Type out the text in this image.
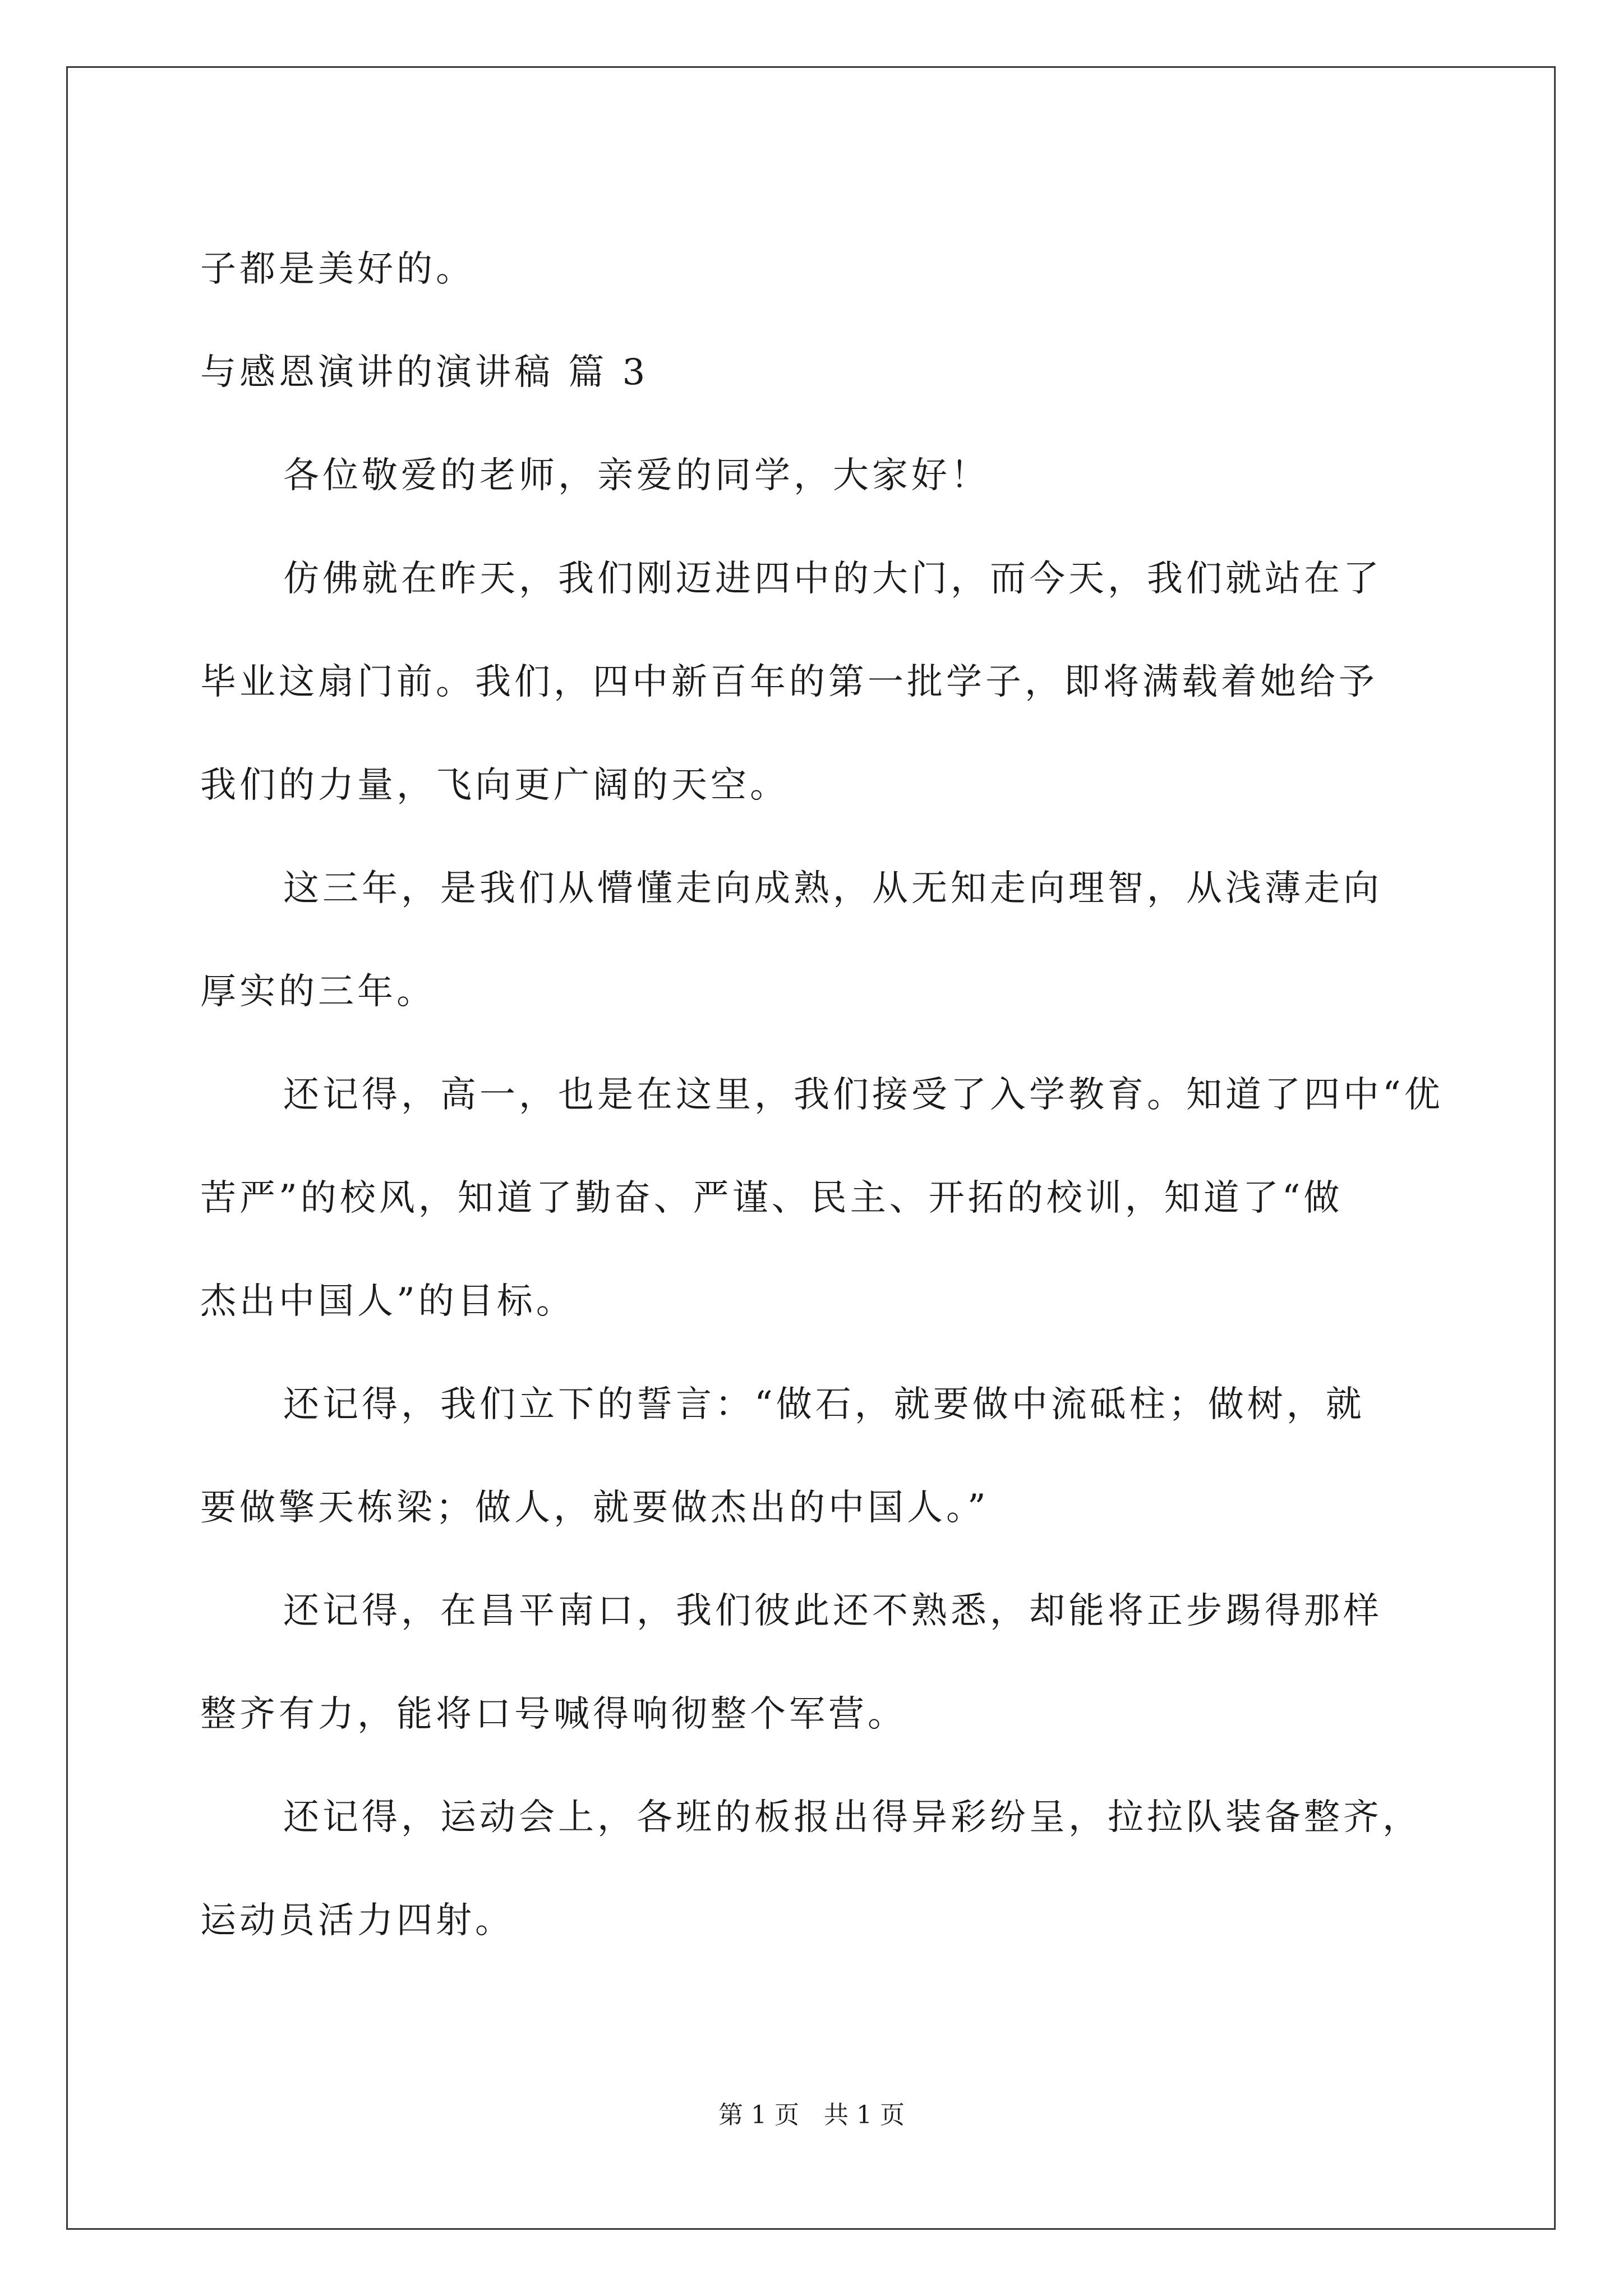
子都是美好的。
与感恩演讲的演讲稿 篇 3
各位敬爱的老师，亲爱的同学，大家好！
仿佛就在昨天，我们刚迈进四中的大门，而今天，我们就站在了
毕业这扇门前。我们，四中新百年的第一批学子，即将满载着她给予
我们的力量，飞向更广阔的天空。
这三年，是我们从懵懂走向成熟，从无知走向理智，从浅薄走向
厚实的三年。
还记得，高一，也是在这里，我们接受了入学教育。知道了四中“优
苦严”的校风，知道了勤奋、严谨、民主、开拓的校训，知道了“做
杰出中国人”的目标。
还记得，我们立下的誓言：“做石，就要做中流砥柱；做树，就
要做擎天栋梁；做人，就要做杰出的中国人。”
还记得，在昌平南口，我们彼此还不熟悉，却能将正步踢得那样
整齐有力，能将口号喊得响彻整个军营。
还记得，运动会上，各班的板报出得异彩纷呈，拉拉队装备整齐，
运动员活力四射。
第 1 页　共 1 页
